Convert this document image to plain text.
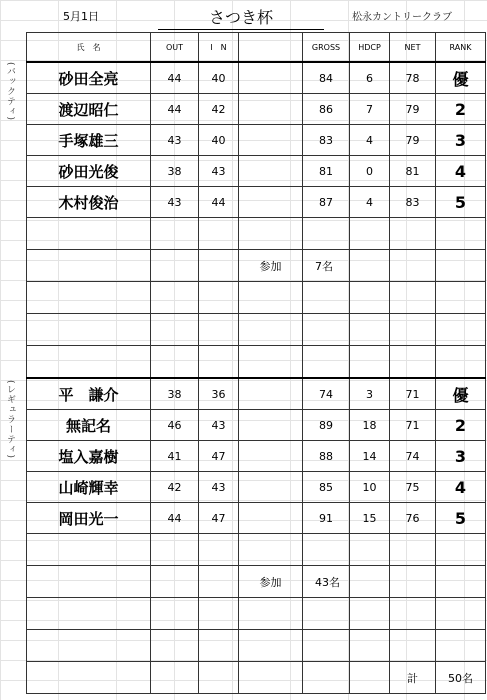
5月1日	さつき杯	松永カントリークラブ
(バックティ)
(レギュラーティ)
氏　名	OUT	I　N		GROSS	HDCP	NET	RANK
砂田全亮	44	40		84	6	78	優
渡辺昭仁	44	42		86	7	79	2
手塚雄三	43	40		83	4	79	3
砂田光俊	38	43		81	0	81	4
木村俊治	43	44		87	4	83	5

			参加	7名			

平　謙介	38	36		74	3	71	優
無記名	46	43		89	18	71	2
塩入嘉樹	41	47		88	14	74	3
山崎輝幸	42	43		85	10	75	4
岡田光一	44	47		91	15	76	5

			参加	43名			

						計	50名
